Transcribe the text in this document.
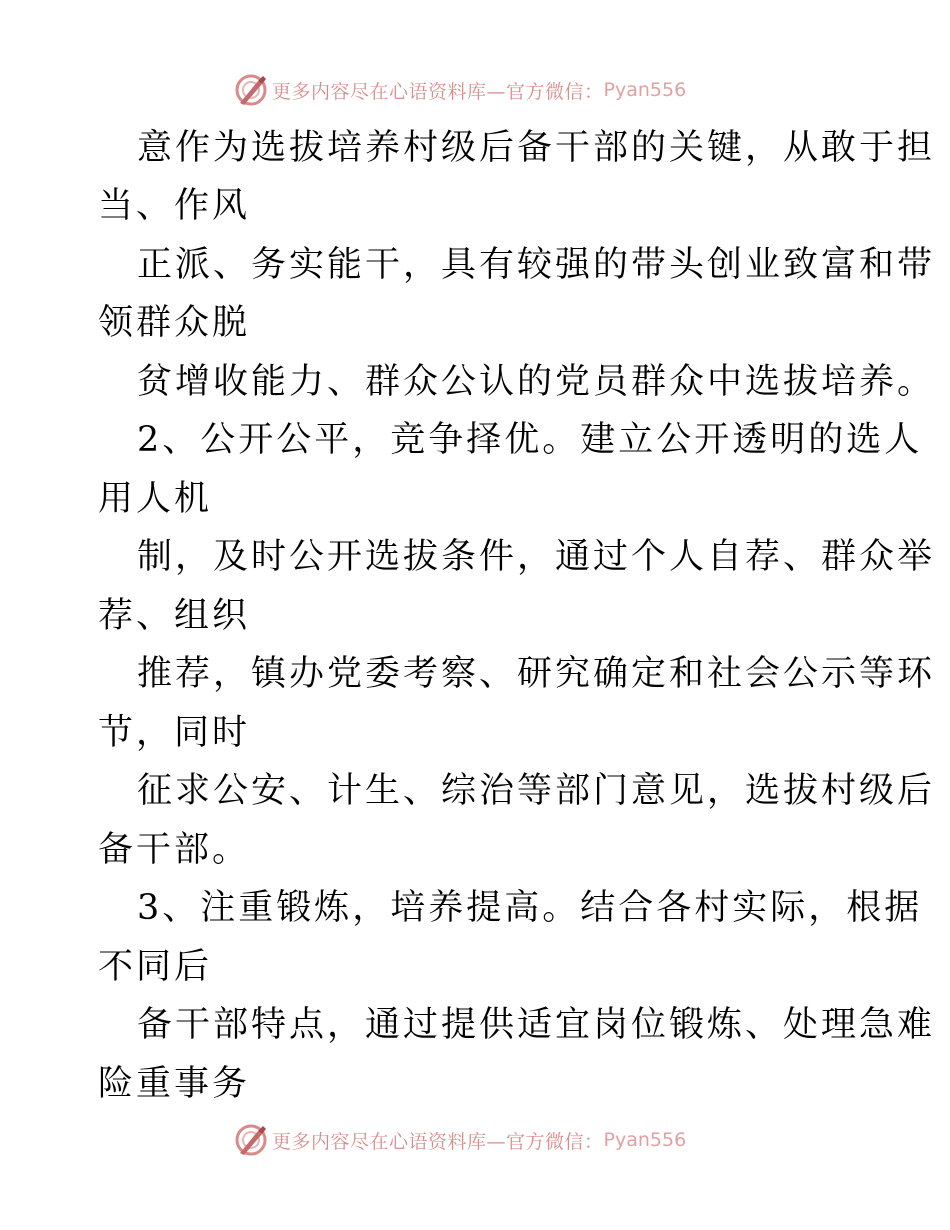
更多内容尽在心语资料库—官方微信： Pyan556
意作为选拔培养村级后备干部的关键，从敢于担
当、作风
正派、务实能干，具有较强的带头创业致富和带
领群众脱
贫增收能力、群众公认的党员群众中选拔培养。
2、公开公平，竞争择优。建立公开透明的选人
用人机
制，及时公开选拔条件，通过个人自荐、群众举
荐、组织
推荐，镇办党委考察、研究确定和社会公示等环
节，同时
征求公安、计生、综治等部门意见，选拔村级后
备干部。
3、注重锻炼，培养提高。结合各村实际，根据
不同后
备干部特点，通过提供适宜岗位锻炼、处理急难
险重事务
更多内容尽在心语资料库—官方微信： Pyan556
